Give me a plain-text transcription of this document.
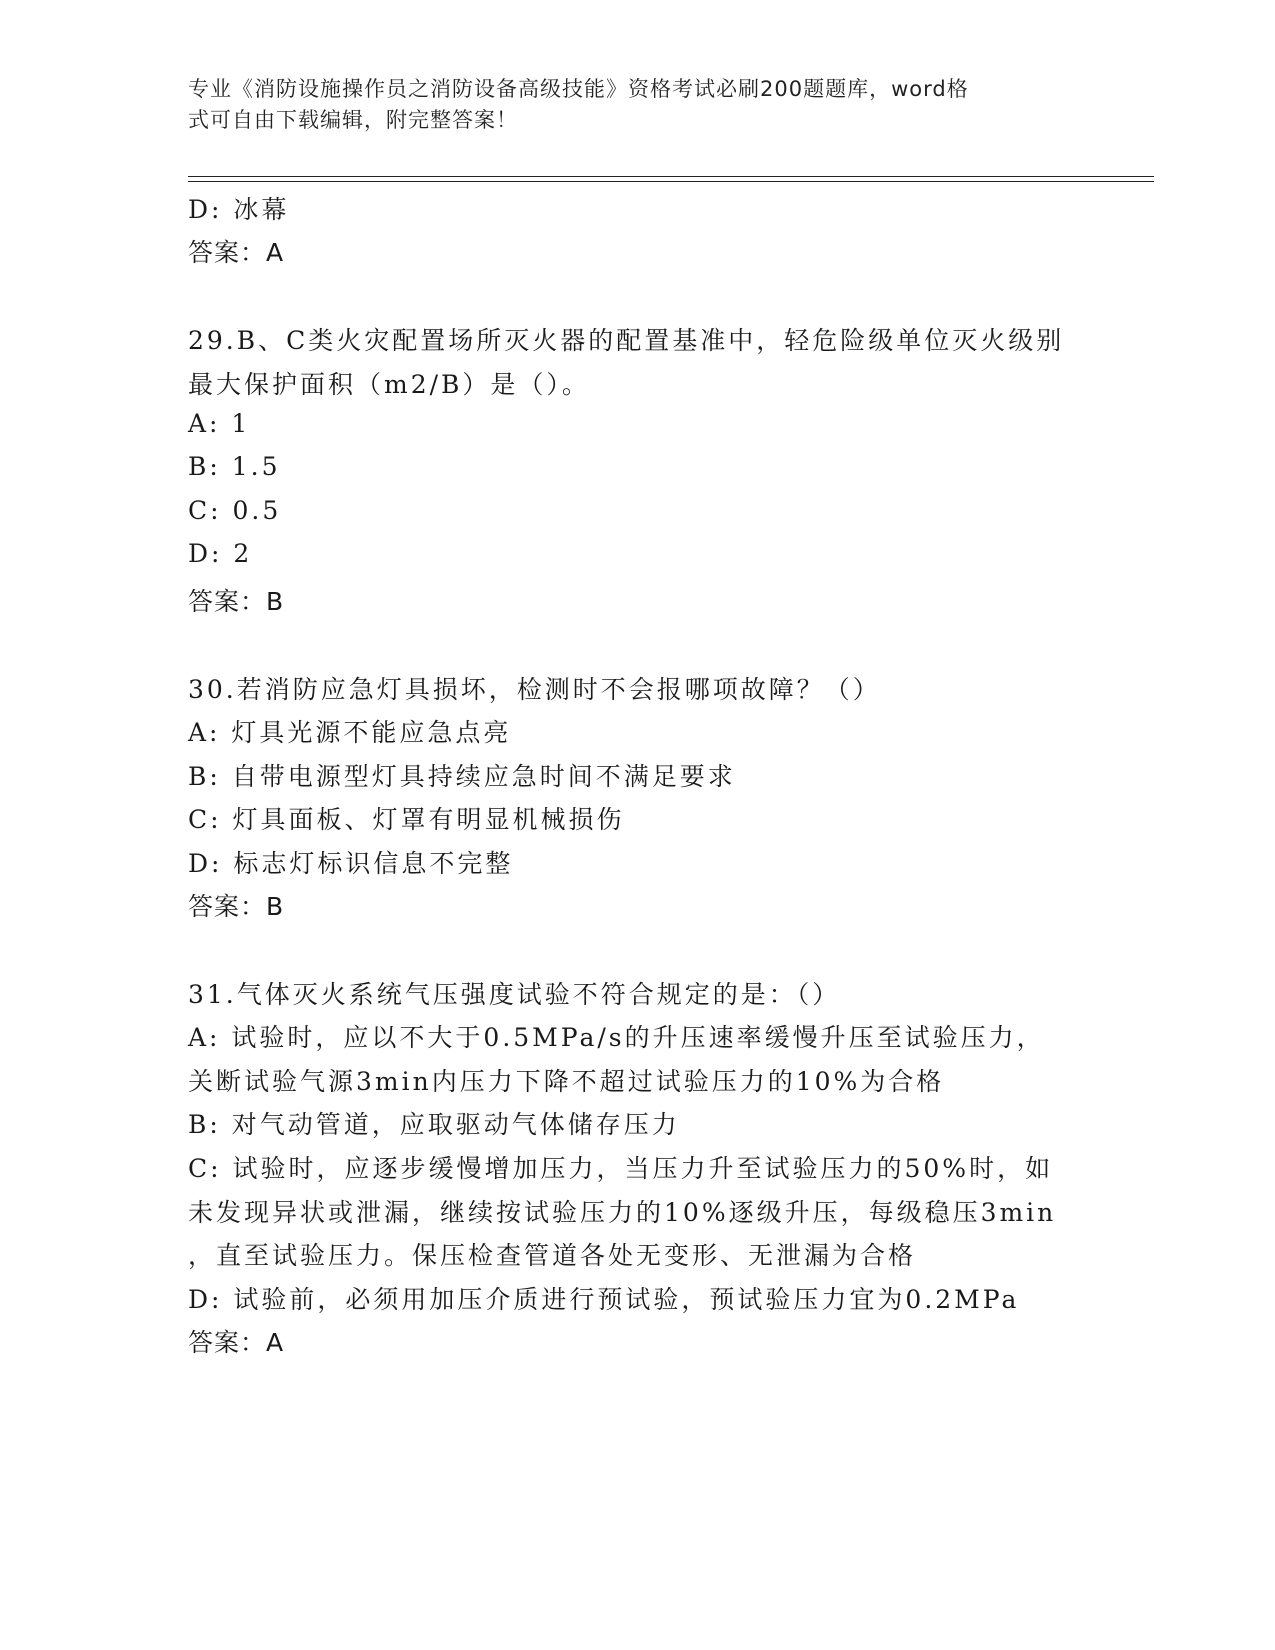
专业《消防设施操作员之消防设备高级技能》资格考试必刷200题题库，word格
式可自由下载编辑，附完整答案！
D: 冰幕
答案：A
29.B、C类火灾配置场所灭火器的配置基准中，轻危险级单位灭火级别
最大保护面积（m2/B）是（）。
A: 1
B: 1.5
C: 0.5
D: 2
答案：B
30.若消防应急灯具损坏，检测时不会报哪项故障？（）
A: 灯具光源不能应急点亮
B: 自带电源型灯具持续应急时间不满足要求
C: 灯具面板、灯罩有明显机械损伤
D: 标志灯标识信息不完整
答案：B
31.气体灭火系统气压强度试验不符合规定的是：（）
A: 试验时，应以不大于0.5MPa/s的升压速率缓慢升压至试验压力，
关断试验气源3min内压力下降不超过试验压力的10%为合格
B: 对气动管道，应取驱动气体储存压力
C: 试验时，应逐步缓慢增加压力，当压力升至试验压力的50%时，如
未发现异状或泄漏，继续按试验压力的10%逐级升压，每级稳压3min
，直至试验压力。保压检查管道各处无变形、无泄漏为合格
D: 试验前，必须用加压介质进行预试验，预试验压力宜为0.2MPa
答案：A
